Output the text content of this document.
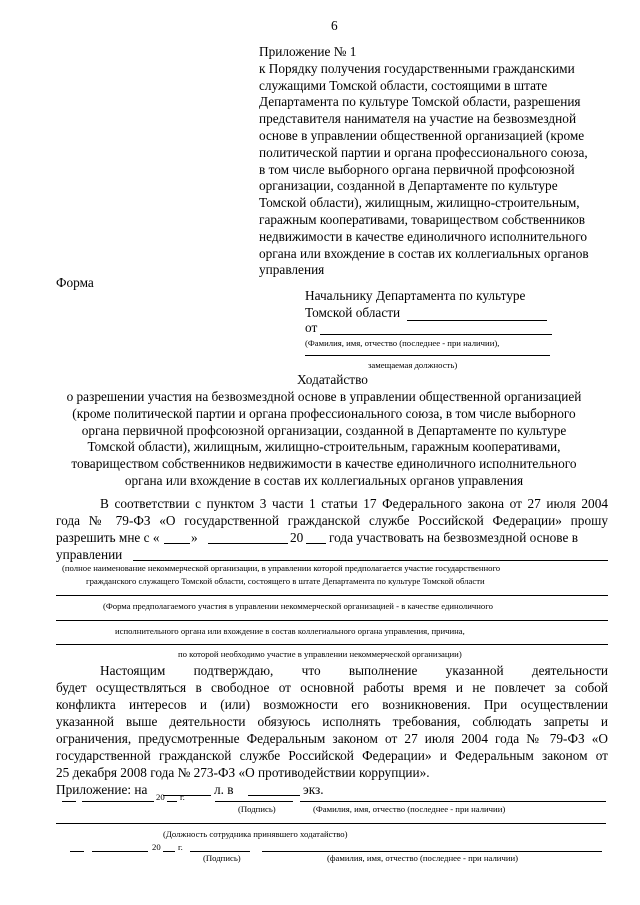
6
Приложение № 1
к Порядку получения государственными гражданскими
служащими Томской области, состоящими в штате
Департамента по культуре Томской области, разрешения
представителя нанимателя на участие на безвозмездной
основе в управлении общественной организацией (кроме
политической партии и органа профессионального союза,
в том числе выборного органа первичной профсоюзной
организации, созданной в Департаменте по культуре
Томской области), жилищным, жилищно-строительным,
гаражным кооперативами, товариществом собственников
недвижимости в качестве единоличного исполнительного
органа или вхождение в состав их коллегиальных органов
управления
Форма
Начальнику Департамента по культуре
Томской области
от
(Фамилия, имя, отчество (последнее - при наличии),
замещаемая должность)
Ходатайство
о разрешении участия на безвозмездной основе в управлении общественной организацией
(кроме политической партии и органа профессионального союза, в том числе выборного
органа первичной профсоюзной организации, созданной в Департаменте по культуре
Томской области), жилищным, жилищно-строительным, гаражным кооперативами,
товариществом собственников недвижимости в качестве единоличного исполнительного
органа или вхождение в состав их коллегиальных органов управления
В соответствии с пунктом 3 части 1 статьи 17 Федерального закона от 27 июля 2004
года № 79-ФЗ «О государственной гражданской службе Российской Федерации» прошу
разрешить мне с « »	20 года участвовать на безвозмездной основе в
управлении
(полное наименование некоммерческой организации, в управлении которой предполагается участие государственного
гражданского служащего Томской области, состоящего в штате Департамента по культуре Томской области
(Форма предполагаемого участия в управлении некоммерческой организацией - в качестве единоличного
исполнительного органа или вхождение в состав коллегиального органа управления, причина,
по которой необходимо участие в управлении некоммерческой организации)
Настоящим подтверждаю, что выполнение указанной деятельности
будет осуществляться в свободное от основной работы время и не повлечет за собой
конфликта интересов и (или) возможности его возникновения. При осуществлении
указанной выше деятельности обязуюсь исполнять требования, соблюдать запреты и
ограничения, предусмотренные Федеральным законом от 27 июля 2004 года № 79-ФЗ «О
государственной гражданской службе Российской Федерации» и Федеральным законом от
25 декабря 2008 года № 273-ФЗ «О противодействии коррупции».
Приложение: на	л. в	экз.
20 г.
(Подпись)	(Фамилия, имя, отчество (последнее - при наличии)
(Должность сотрудника принявшего ходатайство)
20 г.
(Подпись)	(фамилия, имя, отчество (последнее - при наличии)
